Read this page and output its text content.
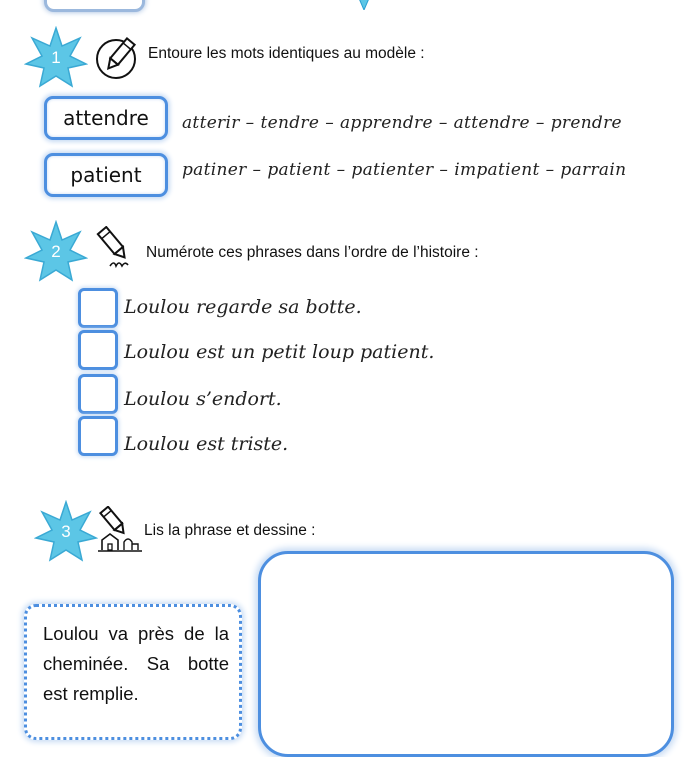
1	Entoure les mots identiques au modèle :
attendre atterir – tendre – apprendre – attendre – prendre
patient patiner – patient – patienter – impatient – parrain
2	Numérote ces phrases dans l’ordre de l’histoire :
Loulou regarde sa botte.
Loulou est un petit loup patient.
Loulou s’endort.
Loulou est triste.
3	Lis la phrase et dessine :
Loulou va près de la cheminée. Sa botte est remplie.
